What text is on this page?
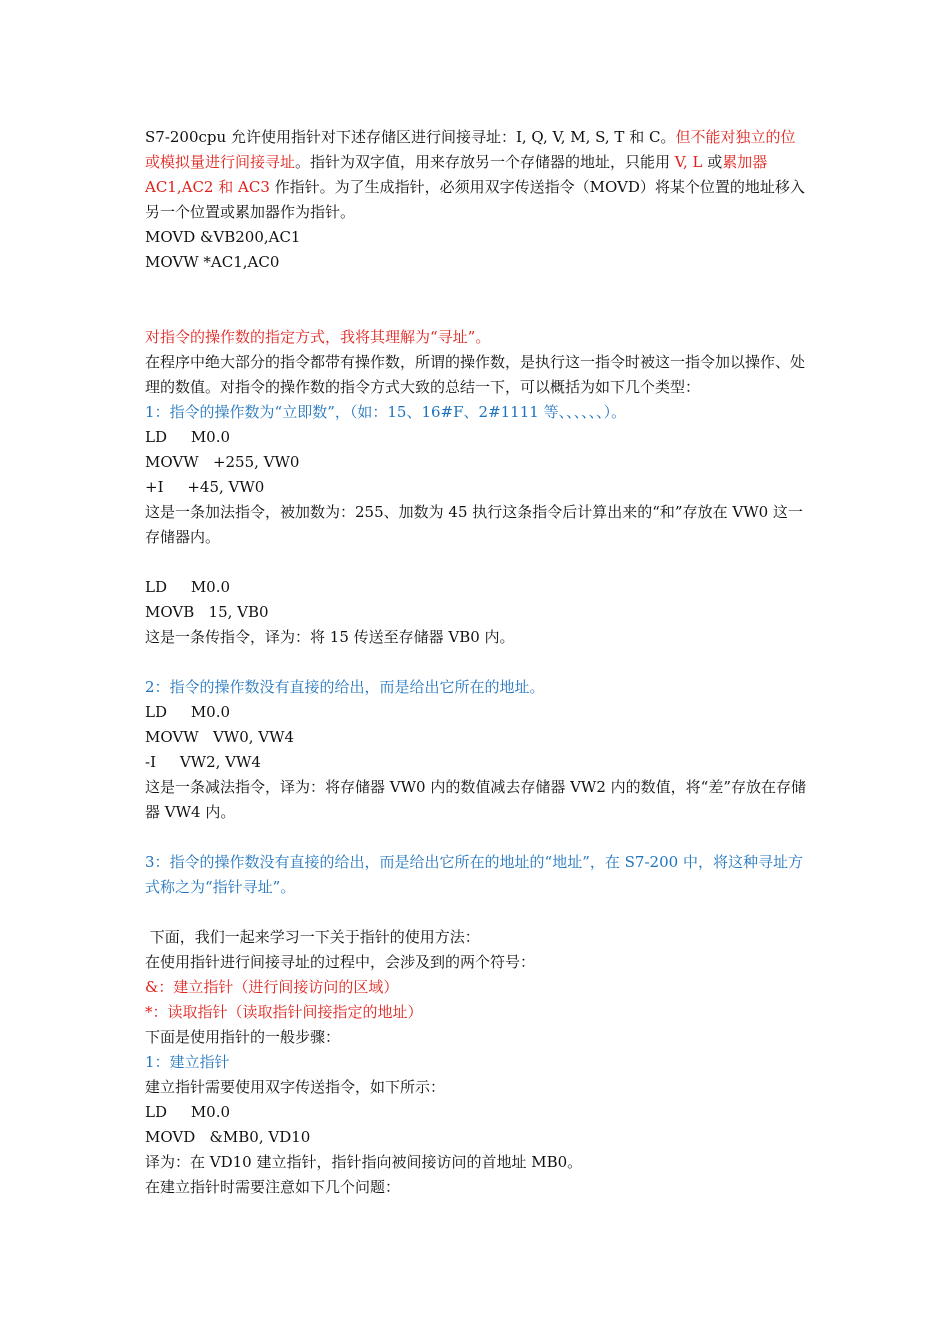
S7-200cpu 允许使用指针对下述存储区进行间接寻址：I, Q, V, M, S, T 和 C。但不能对独立的位或模拟量进行间接寻址。指针为双字值，用来存放另一个存储器的地址，只能用 V, L 或累加器 AC1,AC2 和 AC3 作指针。为了生成指针，必须用双字传送指令（MOVD）将某个位置的地址移入另一个位置或累加器作为指针。

MOVD &VB200,AC1

MOVW *AC1,AC0

对指令的操作数的指定方式，我将其理解为“寻址”。

在程序中绝大部分的指令都带有操作数，所谓的操作数，是执行这一指令时被这一指令加以操作、处理的数值。对指令的操作数的指令方式大致的总结一下，可以概括为如下几个类型：

1：指令的操作数为“立即数”，（如：15、16#F、2#1111 等、、、、、、）。

LD     M0.0

MOVW   +255, VW0

+I     +45, VW0

这是一条加法指令，被加数为：255、加数为 45 执行这条指令后计算出来的“和”存放在 VW0 这一存储器内。

LD     M0.0

MOVB   15, VB0

这是一条传指令，译为：将 15 传送至存储器 VB0 内。

2：指令的操作数没有直接的给出，而是给出它所在的地址。

LD     M0.0

MOVW   VW0, VW4

-I     VW2, VW4

这是一条减法指令，译为：将存储器 VW0 内的数值减去存储器 VW2 内的数值，将“差”存放在存储器 VW4 内。

3：指令的操作数没有直接的给出，而是给出它所在的地址的“地址”，在 S7-200 中，将这种寻址方式称之为“指针寻址”。

下面，我们一起来学习一下关于指针的使用方法：

在使用指针进行间接寻址的过程中，会涉及到的两个符号：

&：建立指针（进行间接访问的区域）

*：读取指针（读取指针间接指定的地址）

下面是使用指针的一般步骤：

1：建立指针

建立指针需要使用双字传送指令，如下所示：

LD     M0.0

MOVD   &MB0, VD10

译为：在 VD10 建立指针，指针指向被间接访问的首地址 MB0。

在建立指针时需要注意如下几个问题：
